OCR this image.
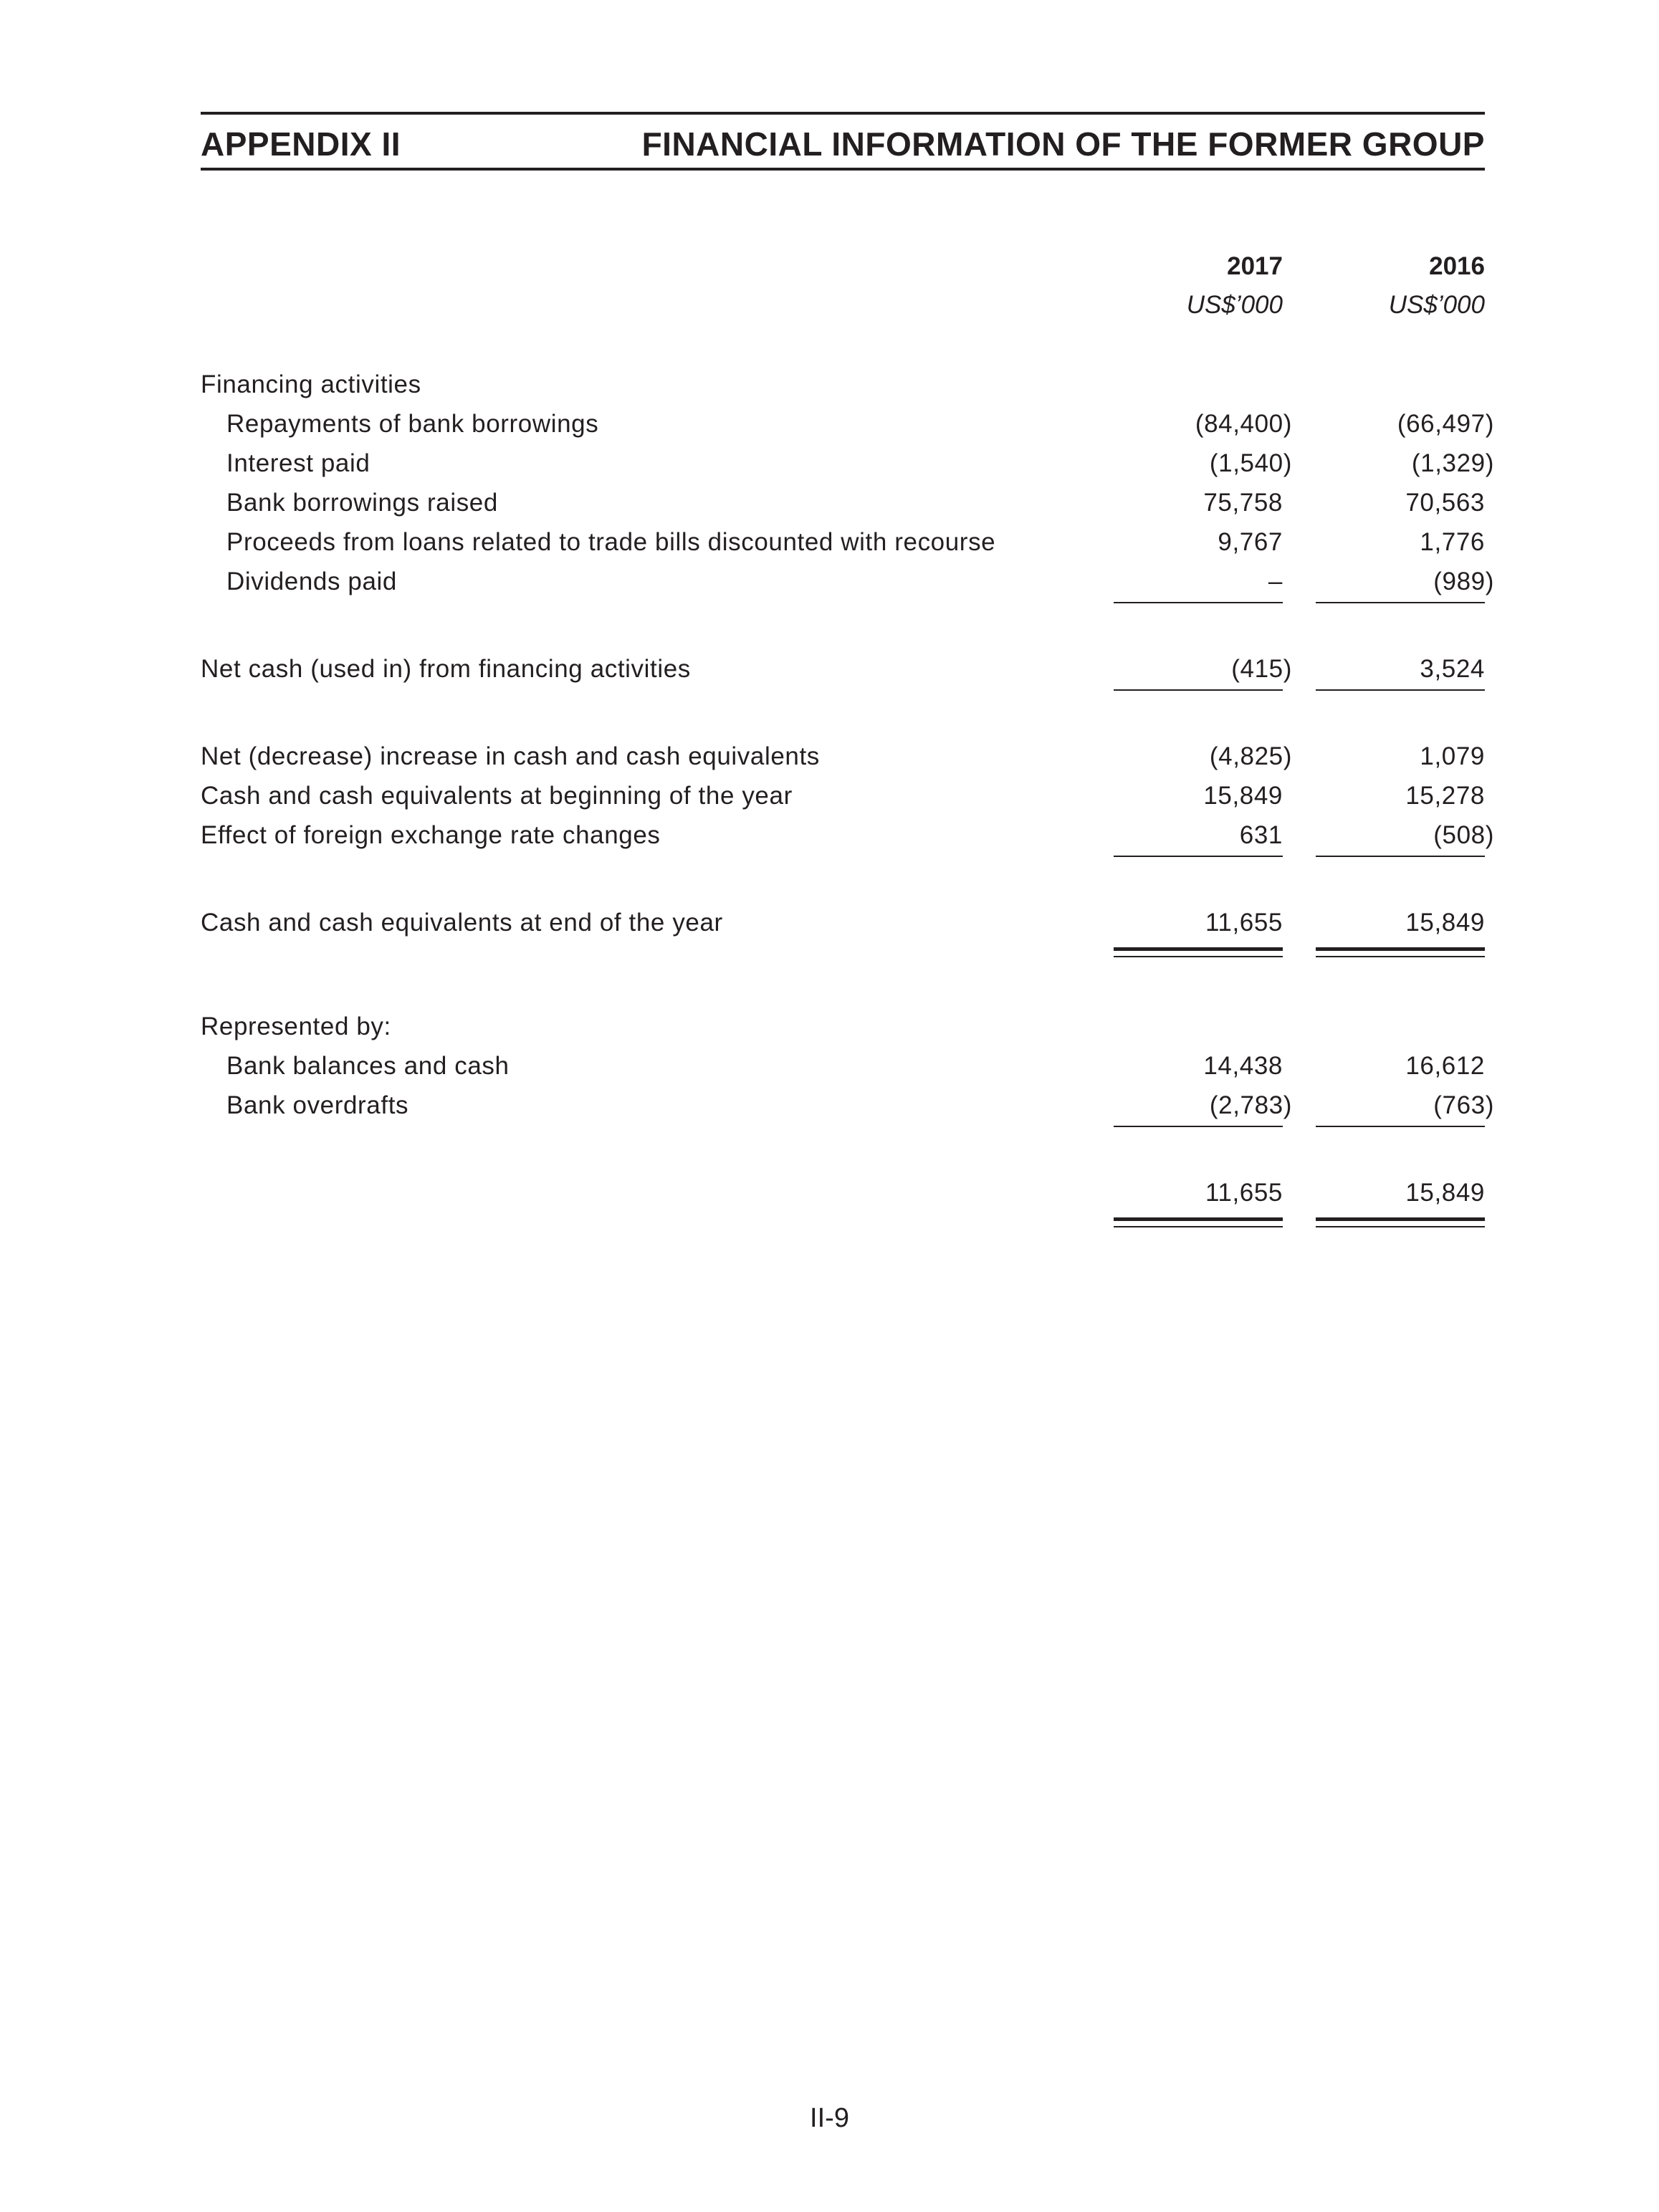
APPENDIX II	FINANCIAL INFORMATION OF THE FORMER GROUP
2017	2016
US$’000	US$’000
Financing activities
Repayments of bank borrowings	(84,400)	(66,497)
Interest paid	(1,540)	(1,329)
Bank borrowings raised	75,758	70,563
Proceeds from loans related to trade bills discounted with recourse	9,767	1,776
Dividends paid	–	(989)
Net cash (used in) from financing activities	(415)	3,524
Net (decrease) increase in cash and cash equivalents	(4,825)	1,079
Cash and cash equivalents at beginning of the year	15,849	15,278
Effect of foreign exchange rate changes	631	(508)
Cash and cash equivalents at end of the year	11,655	15,849
Represented by:
Bank balances and cash	14,438	16,612
Bank overdrafts	(2,783)	(763)
11,655	15,849
II-9
